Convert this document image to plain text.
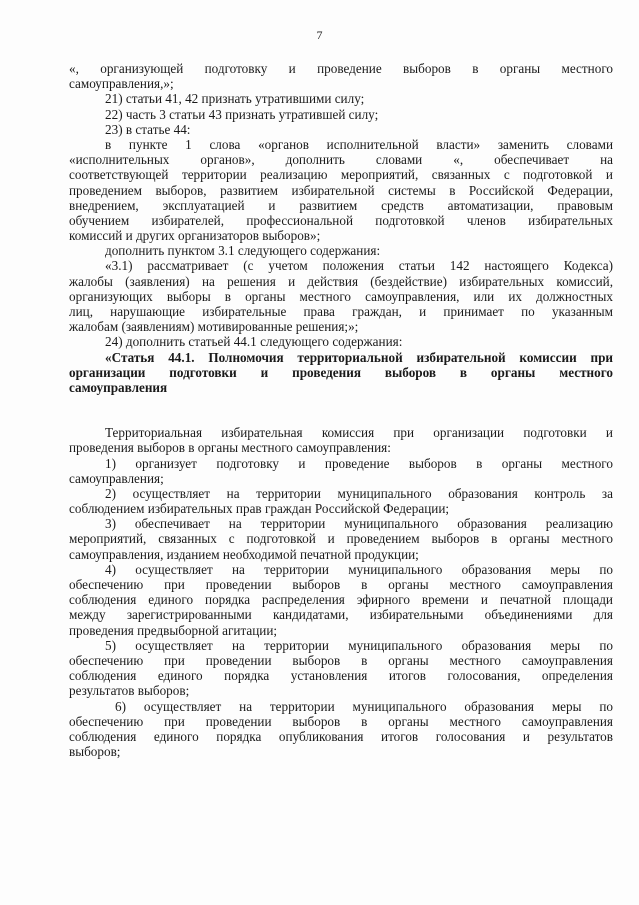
7
«, организующей подготовку и проведение выборов в органы местного
самоуправления,»;
21) статьи 41, 42 признать утратившими силу;
22) часть 3 статьи 43 признать утратившей силу;
23) в статье 44:
в пункте 1 слова «органов исполнительной власти» заменить словами
«исполнительных органов», дополнить словами «, обеспечивает на
соответствующей территории реализацию мероприятий, связанных с подготовкой и
проведением выборов, развитием избирательной системы в Российской Федерации,
внедрением, эксплуатацией и развитием средств автоматизации, правовым
обучением избирателей, профессиональной подготовкой членов избирательных
комиссий и других организаторов выборов»;
дополнить пунктом 3.1 следующего содержания:
«3.1) рассматривает (с учетом положения статьи 142 настоящего Кодекса)
жалобы (заявления) на решения и действия (бездействие) избирательных комиссий,
организующих выборы в органы местного самоуправления, или их должностных
лиц, нарушающие избирательные права граждан, и принимает по указанным
жалобам (заявлениям) мотивированные решения;»;
24) дополнить статьей 44.1 следующего содержания:
«Статья 44.1. Полномочия территориальной избирательной комиссии при
организации подготовки и проведения выборов в органы местного
самоуправления
Территориальная избирательная комиссия при организации подготовки и
проведения выборов в органы местного самоуправления:
1) организует подготовку и проведение выборов в органы местного
самоуправления;
2) осуществляет на территории муниципального образования контроль за
соблюдением избирательных прав граждан Российской Федерации;
3) обеспечивает на территории муниципального образования реализацию
мероприятий, связанных с подготовкой и проведением выборов в органы местного
самоуправления, изданием необходимой печатной продукции;
4) осуществляет на территории муниципального образования меры по
обеспечению при проведении выборов в органы местного самоуправления
соблюдения единого порядка распределения эфирного времени и печатной площади
между зарегистрированными кандидатами, избирательными объединениями для
проведения предвыборной агитации;
5) осуществляет на территории муниципального образования меры по
обеспечению при проведении выборов в органы местного самоуправления
соблюдения единого порядка установления итогов голосования, определения
результатов выборов;
6) осуществляет на территории муниципального образования меры по
обеспечению при проведении выборов в органы местного самоуправления
соблюдения единого порядка опубликования итогов голосования и результатов
выборов;
